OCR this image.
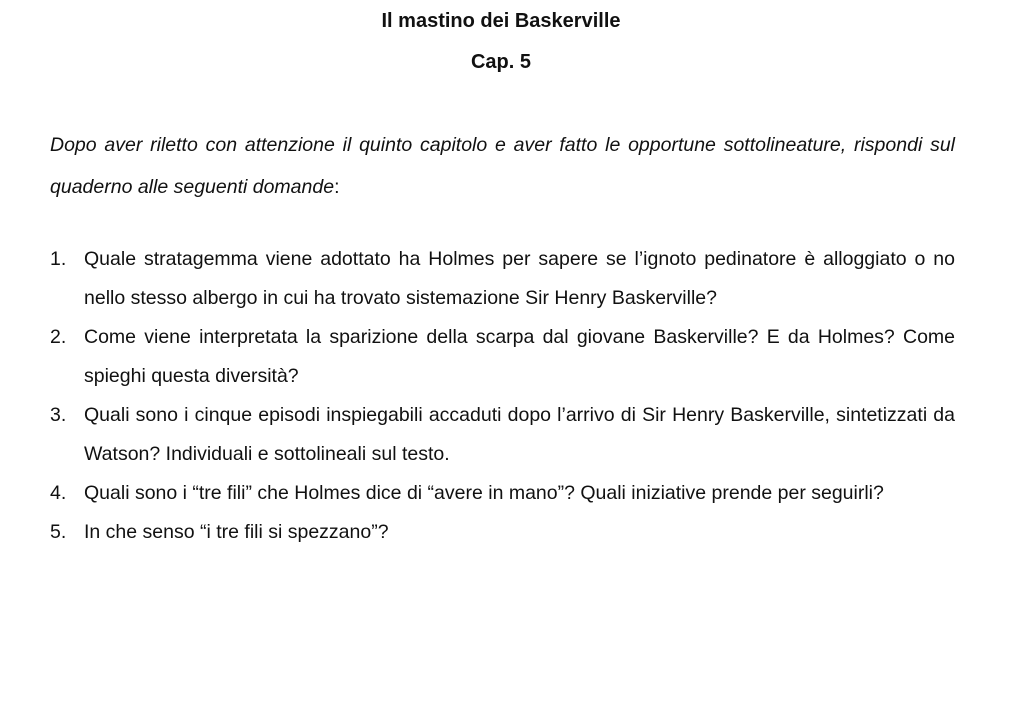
Il mastino dei Baskerville
Cap. 5

Dopo aver riletto con attenzione il quinto capitolo e aver fatto le opportune sottolineature, rispondi sul quaderno alle seguenti domande:

1. Quale stratagemma viene adottato ha Holmes per sapere se l’ignoto pedinatore è alloggiato o no nello stesso albergo in cui ha trovato sistemazione Sir Henry Baskerville?
2. Come viene interpretata la sparizione della scarpa dal giovane Baskerville? E da Holmes? Come spieghi questa diversità?
3. Quali sono i cinque episodi inspiegabili accaduti dopo l’arrivo di Sir Henry Baskerville, sintetizzati da Watson? Individuali e sottolineali sul testo.
4. Quali sono i “tre fili” che Holmes dice di “avere in mano”? Quali iniziative prende per seguirli?
5. In che senso “i tre fili si spezzano”?
